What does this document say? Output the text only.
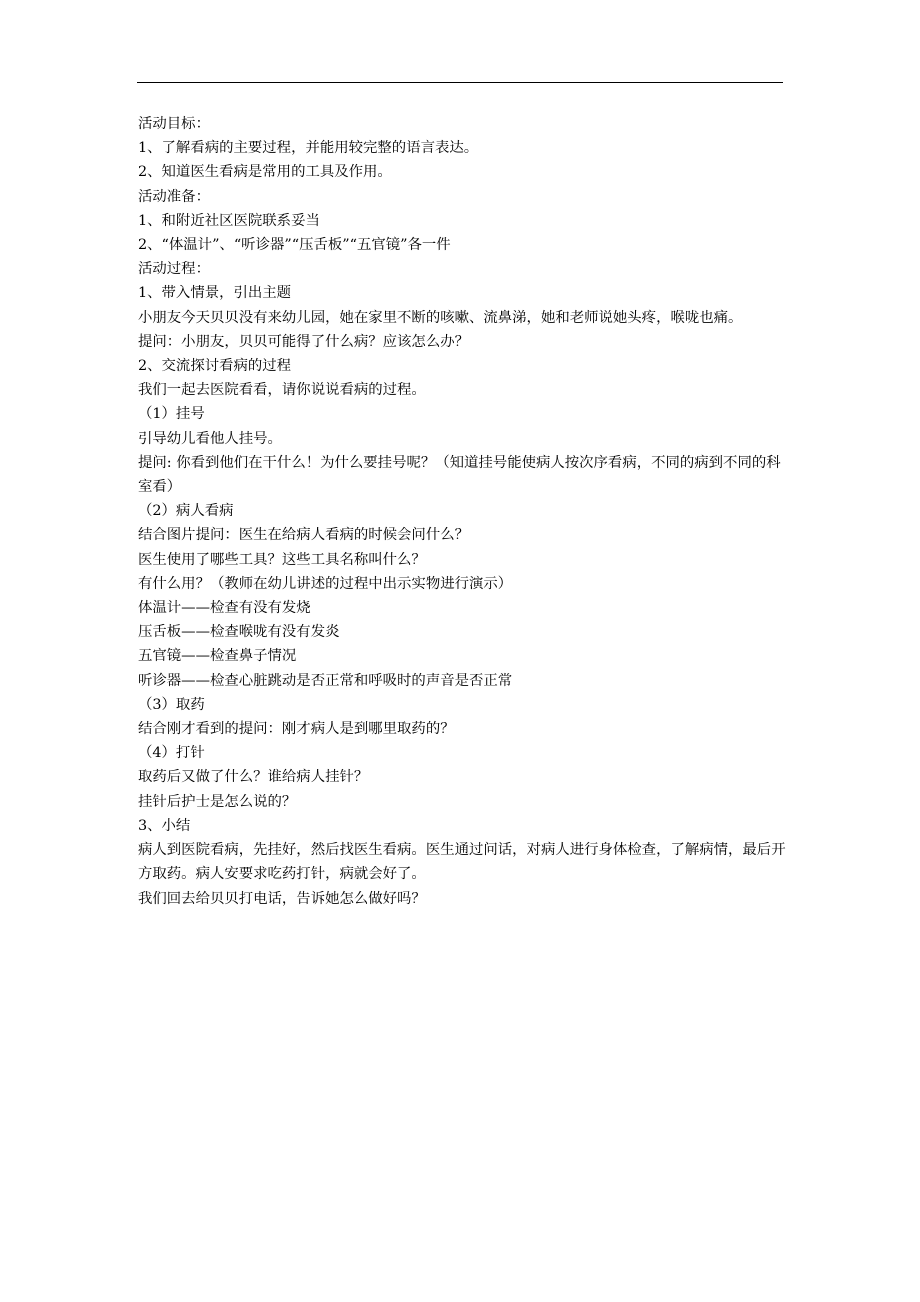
活动目标：

1、了解看病的主要过程，并能用较完整的语言表达。

2、知道医生看病是常用的工具及作用。

活动准备：

1、和附近社区医院联系妥当

2、“体温计”、“听诊器”“压舌板”“五官镜”各一件

活动过程：

1、带入情景，引出主题

小朋友今天贝贝没有来幼儿园，她在家里不断的咳嗽、流鼻涕，她和老师说她头疼，喉咙也痛。

提问：小朋友，贝贝可能得了什么病？应该怎么办？

2、交流探讨看病的过程

我们一起去医院看看，请你说说看病的过程。

（1）挂号

引导幼儿看他人挂号。

提问: 你看到他们在干什么！为什么要挂号呢？（知道挂号能使病人按次序看病，不同的病到不同的科室看）

（2）病人看病

结合图片提问：医生在给病人看病的时候会问什么？

医生使用了哪些工具？这些工具名称叫什么？

有什么用？（教师在幼儿讲述的过程中出示实物进行演示）

体温计——检查有没有发烧

压舌板——检查喉咙有没有发炎

五官镜——检查鼻子情况

听诊器——检查心脏跳动是否正常和呼吸时的声音是否正常

（3）取药

结合刚才看到的提问：刚才病人是到哪里取药的？

（4）打针

取药后又做了什么？谁给病人挂针？

挂针后护士是怎么说的？

3、小结

病人到医院看病，先挂好，然后找医生看病。医生通过问话，对病人进行身体检查，了解病情，最后开方取药。病人安要求吃药打针，病就会好了。

我们回去给贝贝打电话，告诉她怎么做好吗？
